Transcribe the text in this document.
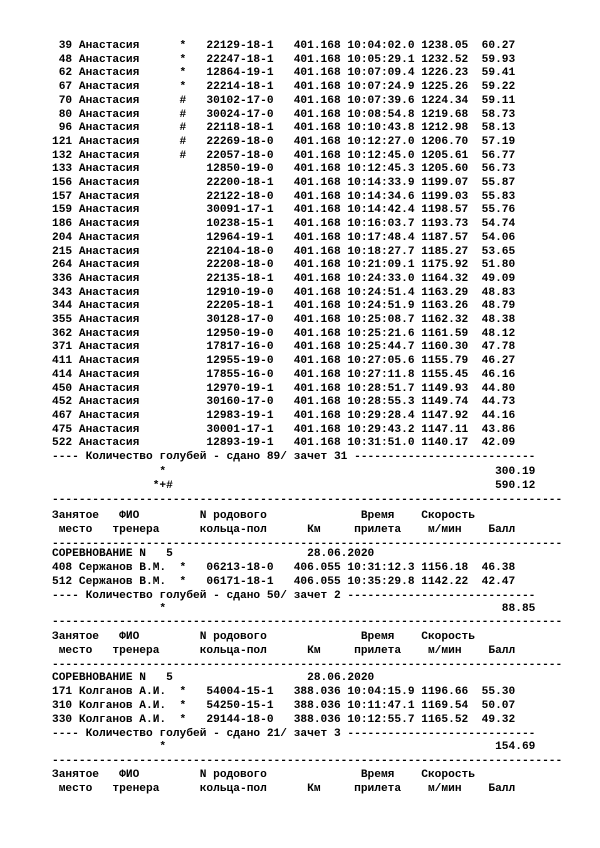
39 Анастасия      *   22129-18-1   401.168 10:04:02.0 1238.05  60.27
48 Анастасия      *   22247-18-1   401.168 10:05:29.1 1232.52  59.93
62 Анастасия      *   12864-19-1   401.168 10:07:09.4 1226.23  59.41
67 Анастасия      *   22214-18-1   401.168 10:07:24.9 1225.26  59.22
70 Анастасия      #   30102-17-0   401.168 10:07:39.6 1224.34  59.11
80 Анастасия      #   30024-17-0   401.168 10:08:54.8 1219.68  58.73
96 Анастасия      #   22118-18-1   401.168 10:10:43.8 1212.98  58.13
121 Анастасия      #   22269-18-0   401.168 10:12:27.0 1206.70  57.19
132 Анастасия      #   22057-18-0   401.168 10:12:45.0 1205.61  56.77
133 Анастасия          12850-19-0   401.168 10:12:45.3 1205.60  56.73
156 Анастасия          22200-18-1   401.168 10:14:33.9 1199.07  55.87
157 Анастасия          22122-18-0   401.168 10:14:34.6 1199.03  55.83
159 Анастасия          30091-17-1   401.168 10:14:42.4 1198.57  55.76
186 Анастасия          10238-15-1   401.168 10:16:03.7 1193.73  54.74
204 Анастасия          12964-19-1   401.168 10:17:48.4 1187.57  54.06
215 Анастасия          22104-18-0   401.168 10:18:27.7 1185.27  53.65
264 Анастасия          22208-18-0   401.168 10:21:09.1 1175.92  51.80
336 Анастасия          22135-18-1   401.168 10:24:33.0 1164.32  49.09
343 Анастасия          12910-19-0   401.168 10:24:51.4 1163.29  48.83
344 Анастасия          22205-18-1   401.168 10:24:51.9 1163.26  48.79
355 Анастасия          30128-17-0   401.168 10:25:08.7 1162.32  48.38
362 Анастасия          12950-19-0   401.168 10:25:21.6 1161.59  48.12
371 Анастасия          17817-16-0   401.168 10:25:44.7 1160.30  47.78
411 Анастасия          12955-19-0   401.168 10:27:05.6 1155.79  46.27
414 Анастасия          17855-16-0   401.168 10:27:11.8 1155.45  46.16
450 Анастасия          12970-19-1   401.168 10:28:51.7 1149.93  44.80
452 Анастасия          30160-17-0   401.168 10:28:55.3 1149.74  44.73
467 Анастасия          12983-19-1   401.168 10:29:28.4 1147.92  44.16
475 Анастасия          30001-17-1   401.168 10:29:43.2 1147.11  43.86
522 Анастасия          12893-19-1   401.168 10:31:51.0 1140.17  42.09
---- Количество голубей - сдано 89/ зачет 31 ---------------------------
*                                                 300.19
*+#                                                590.12
----------------------------------------------------------------------------
Занятое   ФИО         N родового              Время    Скорость
место   тренера      кольца-пол      Км     прилета    м/мин    Балл
----------------------------------------------------------------------------
СОРЕВНОВАНИЕ N   5                    28.06.2020
408 Сержанов В.М.  *   06213-18-0   406.055 10:31:12.3 1156.18  46.38
512 Сержанов В.М.  *   06171-18-1   406.055 10:35:29.8 1142.22  42.47
---- Количество голубей - сдано 50/ зачет 2 ----------------------------
*                                                  88.85
----------------------------------------------------------------------------
Занятое   ФИО         N родового              Время    Скорость
место   тренера      кольца-пол      Км     прилета    м/мин    Балл
----------------------------------------------------------------------------
СОРЕВНОВАНИЕ N   5                    28.06.2020
171 Колганов А.И.  *   54004-15-1   388.036 10:04:15.9 1196.66  55.30
310 Колганов А.И.  *   54250-15-1   388.036 10:11:47.1 1169.54  50.07
330 Колганов А.И.  *   29144-18-0   388.036 10:12:55.7 1165.52  49.32
---- Количество голубей - сдано 21/ зачет 3 ----------------------------
*                                                 154.69
----------------------------------------------------------------------------
Занятое   ФИО         N родового              Время    Скорость
место   тренера      кольца-пол      Км     прилета    м/мин    Балл
